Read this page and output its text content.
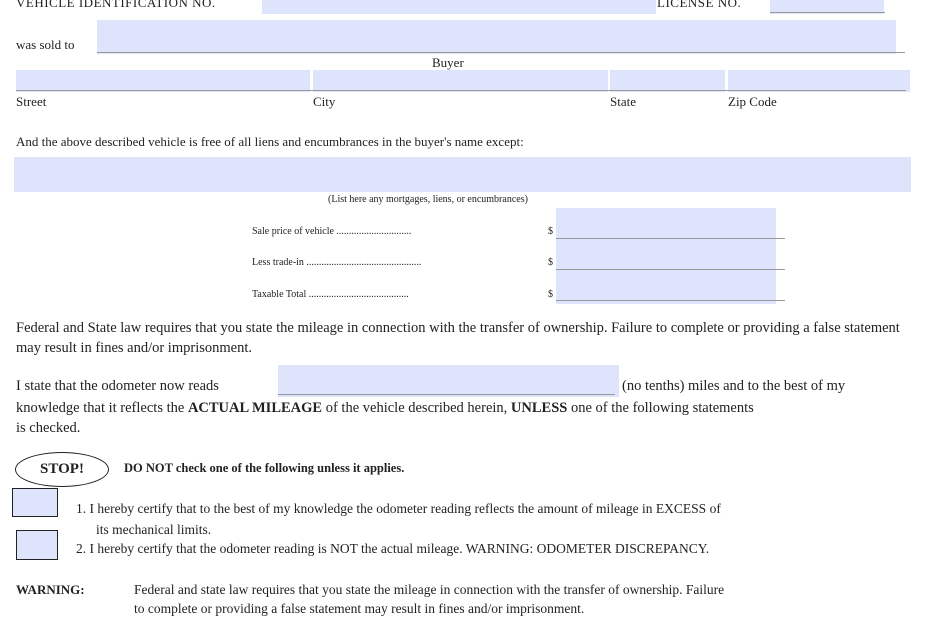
VEHICLE IDENTIFICATION NO.	LICENSE NO.
was sold to
Buyer
Street	City	State	Zip Code
And the above described vehicle is free of all liens and encumbrances in the buyer's name except:
(List here any mortgages, liens, or encumbrances)
Sale price of vehicle ..............................	$
Less trade-in ..............................................	$
Taxable Total ........................................	$
Federal and State law requires that you state the mileage in connection with the transfer of ownership. Failure to complete or providing a false statement may result in fines and/or imprisonment.
I state that the odometer now reads	(no tenths) miles and to the best of my
knowledge that it reflects the ACTUAL MILEAGE of the vehicle described herein, UNLESS one of the following statements
is checked.
STOP!	DO NOT check one of the following unless it applies.
1. I hereby certify that to the best of my knowledge the odometer reading reflects the amount of mileage in EXCESS of
its mechanical limits.
2. I hereby certify that the odometer reading is NOT the actual mileage. WARNING: ODOMETER DISCREPANCY.
WARNING:	Federal and state law requires that you state the mileage in connection with the transfer of ownership. Failure
to complete or providing a false statement may result in fines and/or imprisonment.
